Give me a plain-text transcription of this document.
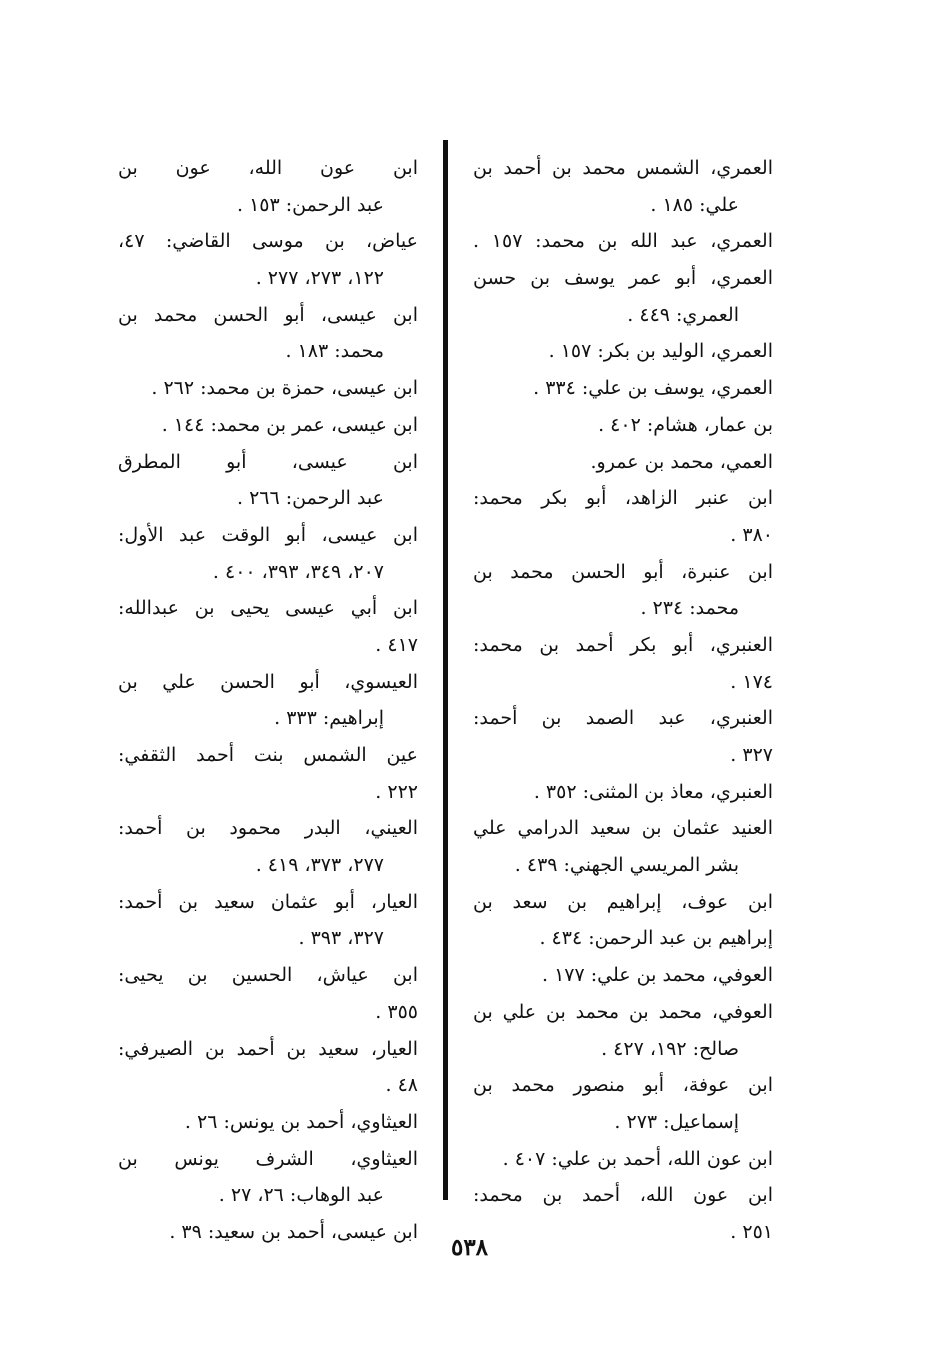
العمري، الشمس محمد بن أحمد بن
علي: ١٨٥ .
العمري، عبد الله بن محمد: ١٥٧ .
العمري، أبو عمر يوسف بن حسن
العمري: ٤٤٩ .
العمري، الوليد بن بكر: ١٥٧ .
العمري، يوسف بن علي: ٣٣٤ .
بن عمار، هشام: ٤٠٢ .
العمي، محمد بن عمرو.
ابن عنبر الزاهد، أبو بكر محمد:
٣٨٠ .
ابن عنبرة، أبو الحسن محمد بن
محمد: ٢٣٤ .
العنبري، أبو بكر أحمد بن محمد:
١٧٤ .
العنبري، عبد الصمد بن أحمد:
٣٢٧ .
العنبري، معاذ بن المثنى: ٣٥٢ .
العنيد عثمان بن سعيد الدرامي علي
بشر المريسي الجهني: ٤٣٩ .
ابن عوف، إبراهيم بن سعد بن
إبراهيم بن عبد الرحمن: ٤٣٤ .
العوفي، محمد بن علي: ١٧٧ .
العوفي، محمد بن محمد بن علي بن
صالح: ١٩٢، ٤٢٧ .
ابن عوفة، أبو منصور محمد بن
إسماعيل: ٢٧٣ .
ابن عون الله، أحمد بن علي: ٤٠٧ .
ابن عون الله، أحمد بن محمد:
٢٥١ .
ابن عون الله، عون بن
عبد الرحمن: ١٥٣ .
عياض، بن موسى القاضي: ٤٧،
١٢٢، ٢٧٣، ٢٧٧ .
ابن عيسى، أبو الحسن محمد بن
محمد: ١٨٣ .
ابن عيسى، حمزة بن محمد: ٢٦٢ .
ابن عيسى، عمر بن محمد: ١٤٤ .
ابن عيسى، أبو المطرق
عبد الرحمن: ٢٦٦ .
ابن عيسى، أبو الوقت عبد الأول:
٢٠٧، ٣٤٩، ٣٩٣، ٤٠٠ .
ابن أبي عيسى يحيى بن عبدالله:
٤١٧ .
العيسوي، أبو الحسن علي بن
إبراهيم: ٣٣٣ .
عين الشمس بنت أحمد الثقفي:
٢٢٢ .
العيني، البدر محمود بن أحمد:
٢٧٧، ٣٧٣، ٤١٩ .
العيار، أبو عثمان سعيد بن أحمد:
٣٢٧، ٣٩٣ .
ابن عياش، الحسين بن يحيى:
٣٥٥ .
العيار، سعيد بن أحمد بن الصيرفي:
٤٨ .
العيثاوي، أحمد بن يونس: ٢٦ .
العيثاوي، الشرف يونس بن
عبد الوهاب: ٢٦، ٢٧ .
ابن عيسى، أحمد بن سعيد: ٣٩ .
٥٣٨
